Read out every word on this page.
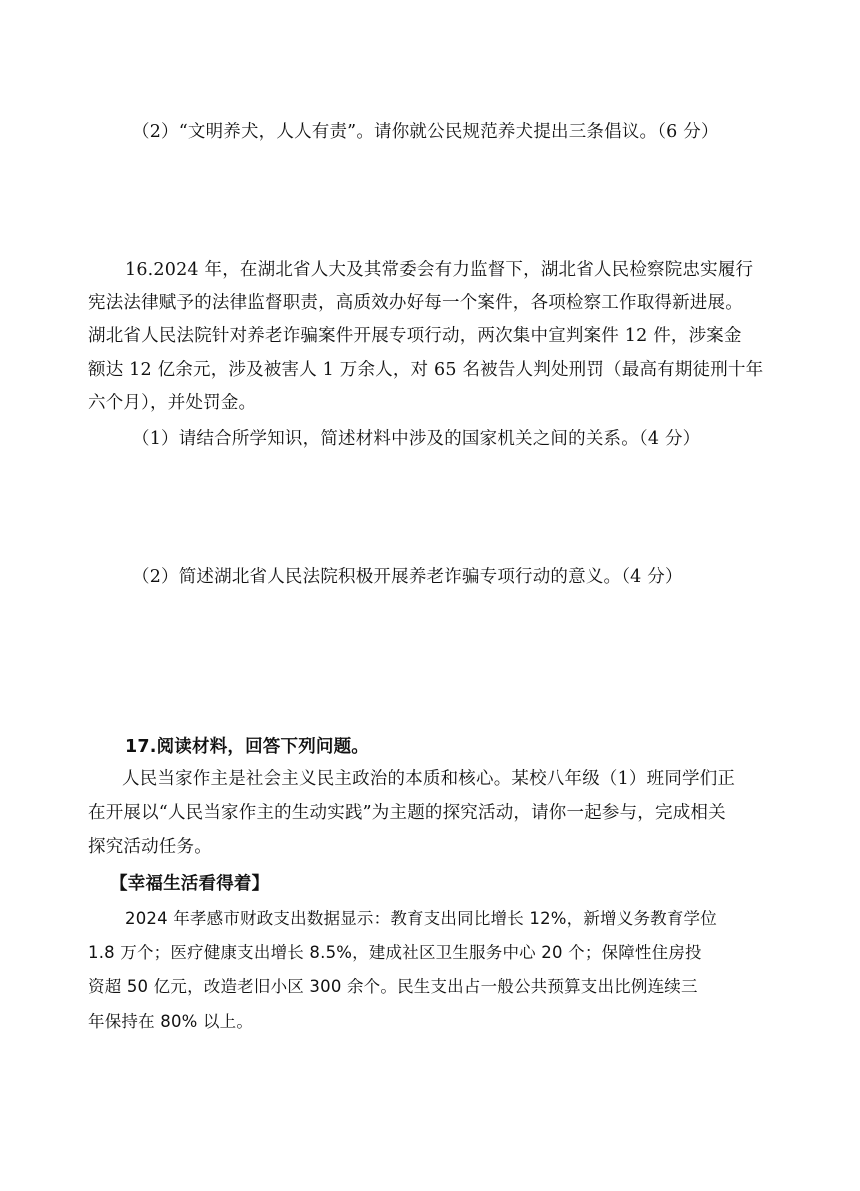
（2）“文明养犬，人人有责”。请你就公民规范养犬提出三条倡议。（6 分）
16.2024 年，在湖北省人大及其常委会有力监督下，湖北省人民检察院忠实履行
宪法法律赋予的法律监督职责，高质效办好每一个案件，各项检察工作取得新进展。
湖北省人民法院针对养老诈骗案件开展专项行动，两次集中宣判案件 12 件，涉案金
额达 12 亿余元，涉及被害人 1 万余人，对 65 名被告人判处刑罚（最高有期徒刑十年
六个月），并处罚金。
（1）请结合所学知识，简述材料中涉及的国家机关之间的关系。（4 分）
（2）简述湖北省人民法院积极开展养老诈骗专项行动的意义。（4 分）
17.阅读材料，回答下列问题。
人民当家作主是社会主义民主政治的本质和核心。某校八年级（1）班同学们正
在开展以“人民当家作主的生动实践”为主题的探究活动，请你一起参与，完成相关
探究活动任务。
【幸福生活看得着】
2024 年孝感市财政支出数据显示：教育支出同比增长 12%，新增义务教育学位
1.8 万个；医疗健康支出增长 8.5%，建成社区卫生服务中心 20 个；保障性住房投
资超 50 亿元，改造老旧小区 300 余个。民生支出占一般公共预算支出比例连续三
年保持在 80% 以上。
